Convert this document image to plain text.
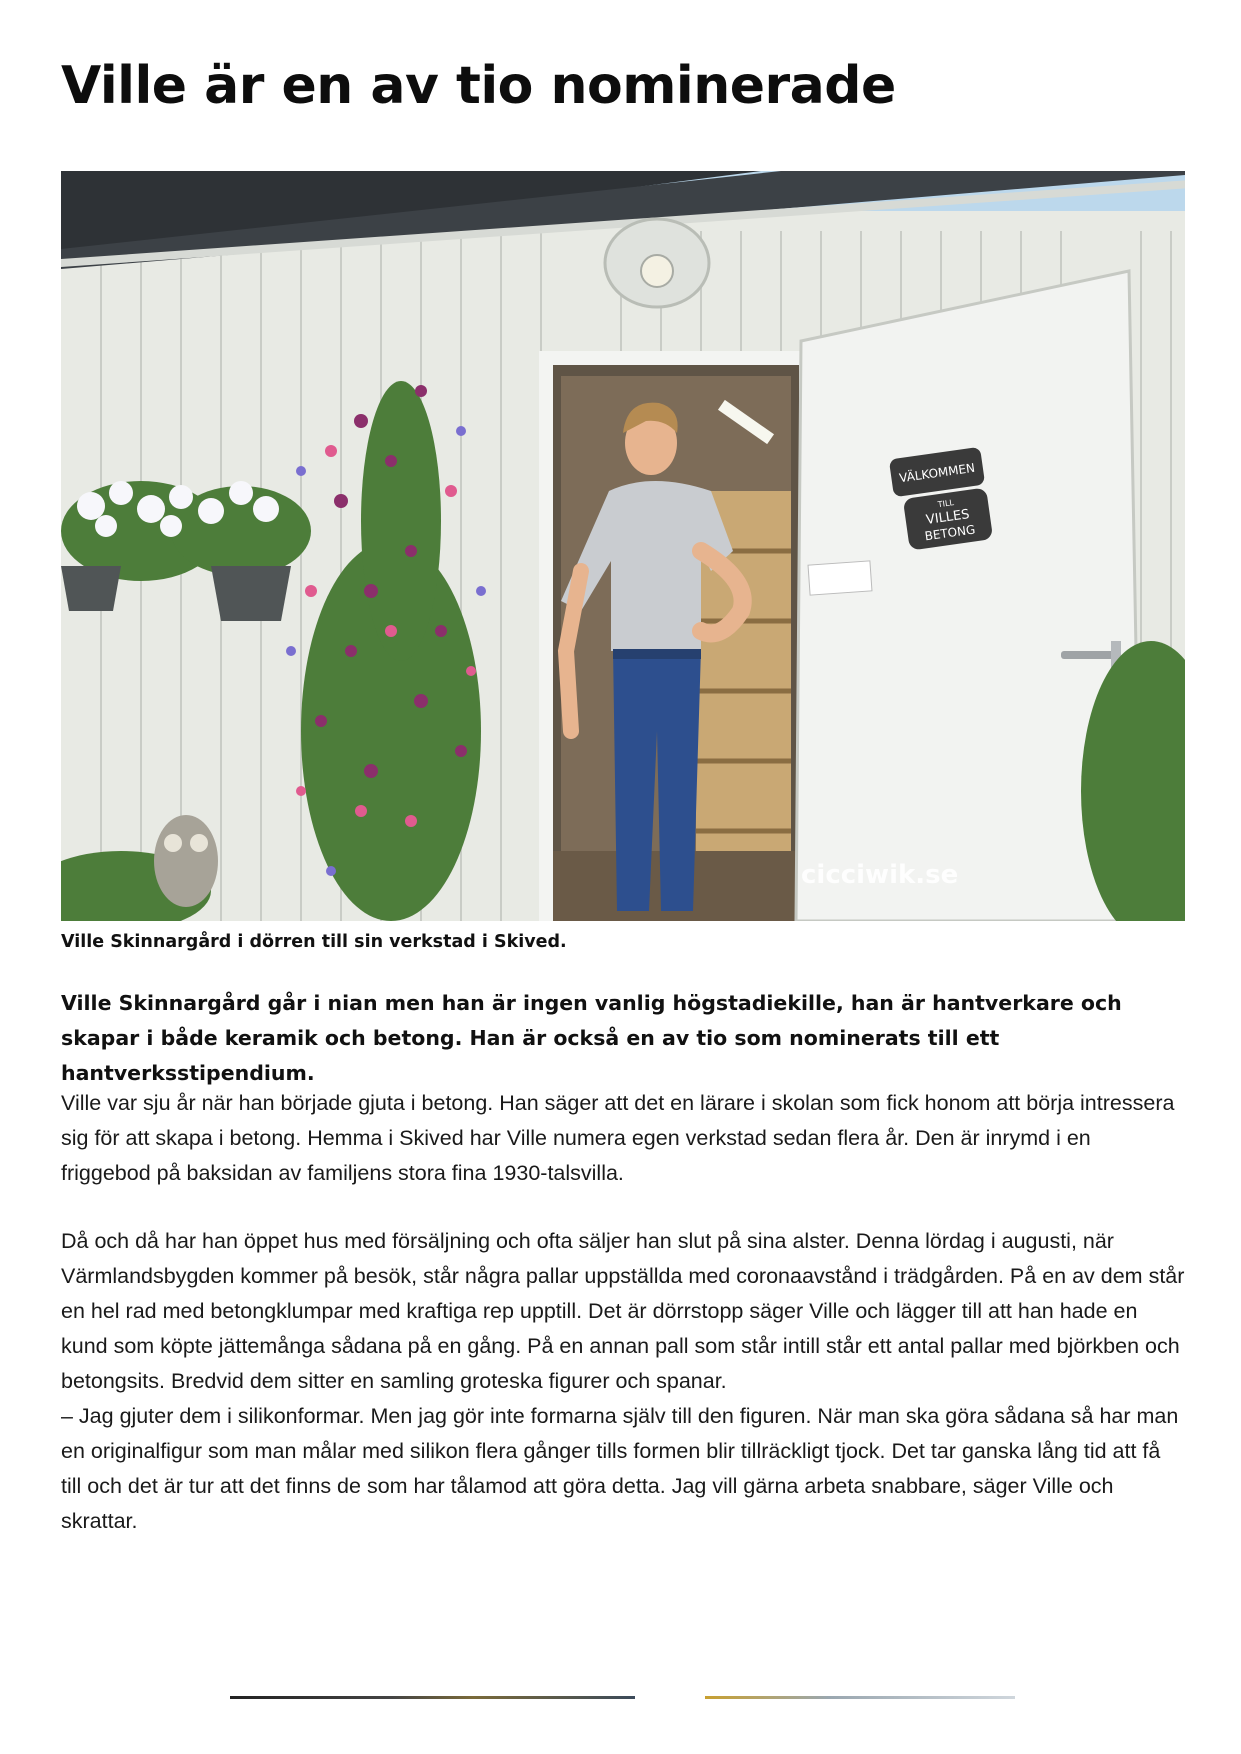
Ville är en av tio nominerade
VÄLKOMMEN
TILL
VILLES
BETONG
cicciwik.se
Ville Skinnargård i dörren till sin verkstad i Skived.

Ville Skinnargård går i nian men han är ingen vanlig högstadiekille, han är hantverkare och skapar i både keramik och betong. Han är också en av tio som nominerats till ett hantverksstipendium.

Ville var sju år när han började gjuta i betong. Han säger att det en lärare i skolan som fick honom att börja intressera sig för att skapa i betong. Hemma i Skived har Ville numera egen verkstad sedan flera år. Den är inrymd i en friggebod på baksidan av familjens stora fina 1930-talsvilla.

Då och då har han öppet hus med försäljning och ofta säljer han slut på sina alster. Denna lördag i augusti, när Värmlandsbygden kommer på besök, står några pallar uppställda med coronaavstånd i trädgården. På en av dem står en hel rad med betongklumpar med kraftiga rep upptill. Det är dörrstopp säger Ville och lägger till att han hade en kund som köpte jättemånga sådana på en gång. På en annan pall som står intill står ett antal pallar med björkben och betongsits. Bredvid dem sitter en samling groteska figurer och spanar.
– Jag gjuter dem i silikonformar. Men jag gör inte formarna själv till den figuren. När man ska göra sådana så har man en originalfigur som man målar med silikon flera gånger tills formen blir tillräckligt tjock. Det tar ganska lång tid att få till och det är tur att det finns de som har tålamod att göra detta. Jag vill gärna arbeta snabbare, säger Ville och skrattar.
